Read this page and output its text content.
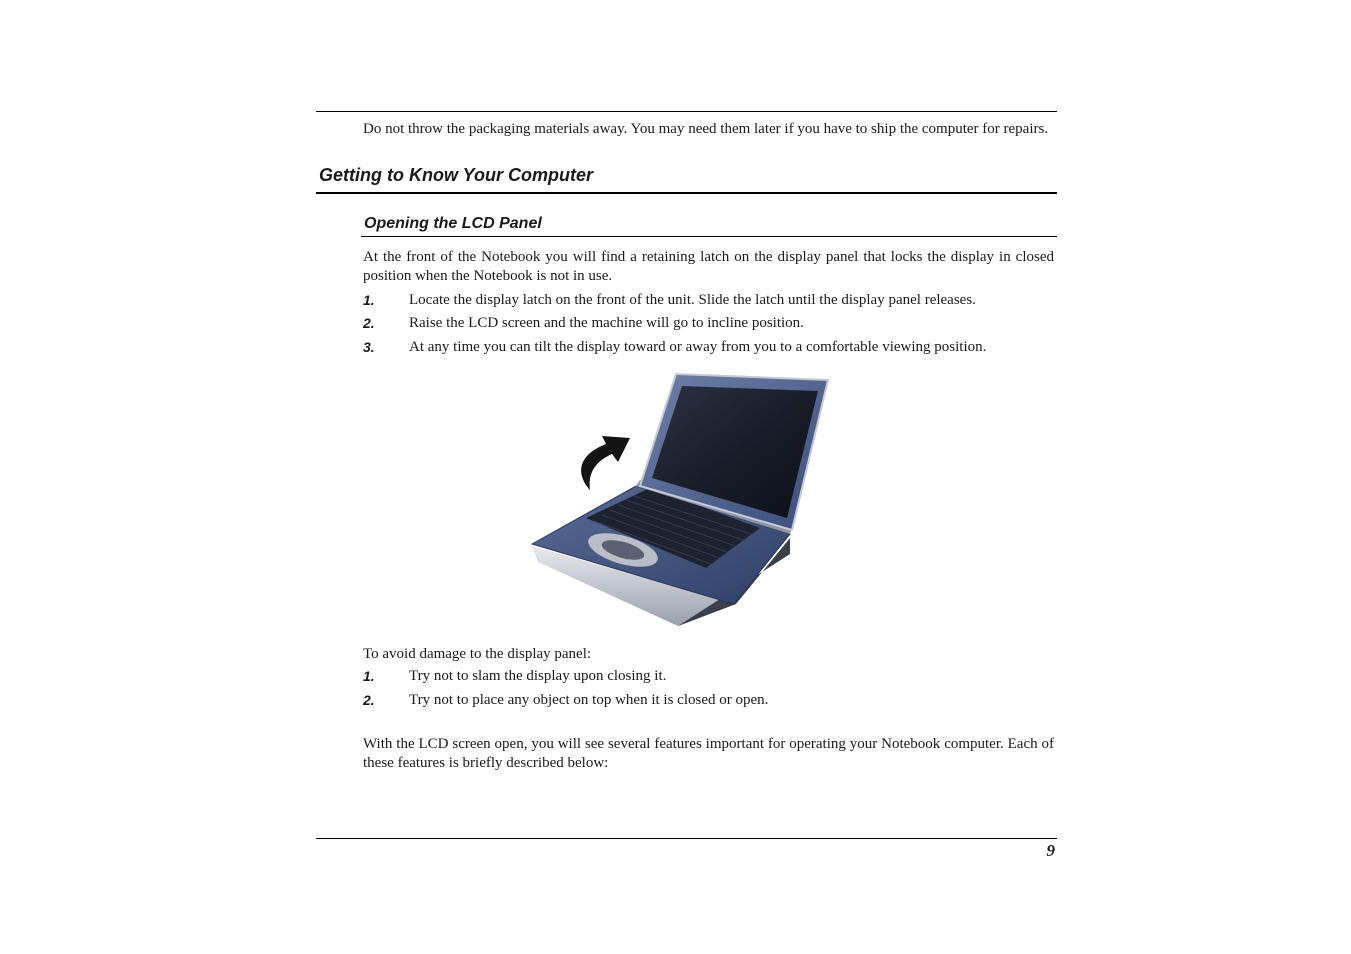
Do not throw the packaging materials away. You may need them later if you have to ship the computer for repairs.
Getting to Know Your Computer
Opening the LCD Panel
At the front of the Notebook you will find a retaining latch on the display panel that locks the display in closed position when the Notebook is not in use.
1. Locate the display latch on the front of the unit. Slide the latch until the display panel releases.
2. Raise the LCD screen and the machine will go to incline position.
3. At any time you can tilt the display toward or away from you to a comfortable viewing position.
To avoid damage to the display panel:
1. Try not to slam the display upon closing it.
2. Try not to place any object on top when it is closed or open.
With the LCD screen open, you will see several features important for operating your Notebook computer. Each of these features is briefly described below:
9
